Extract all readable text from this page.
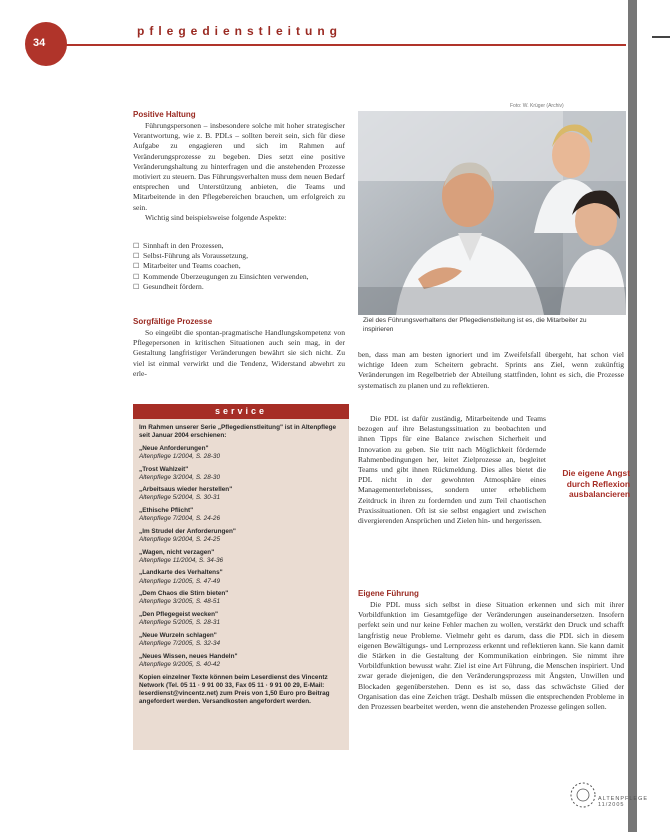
34
pflegedienstleitung
Positive Haltung

Führungspersonen – insbesondere solche mit hoher strategischer Verantwortung, wie z. B. PDLs – sollten bereit sein, sich für diese Aufgabe zu engagieren und sich im Rahmen auf Veränderungsprozesse zu begeben. Dies setzt eine positive Veränderungshaltung zu hinterfragen und die anstehenden Prozesse motiviert zu steuern. Das Führungsverhalten muss dem neuen Bedarf entsprechen und Unterstützung anbieten, die Teams und Mitarbeitende in den Pflegebereichen brauchen, um erfolgreich zu sein.

Wichtig sind beispielsweise folgende Aspekte:

☐ Sinnhaft in den Prozessen,
☐ Selbst-Führung als Voraussetzung,
☐ Mitarbeiter und Teams coachen,
☐ Kommende Überzeugungen zu Einsichten verwenden,
☐ Gesundheit fördern.
Sorgfältige Prozesse

So eingeübt die spontan-pragmatische Handlungskompetenz von Pflegepersonen in kritischen Situationen auch sein mag, in der Gestaltung langfristiger Veränderungen bewährt sie sich nicht. Zu viel ist einmal verwirkt und die Tendenz, Widerstand abwehrt zu erle-

Foto: W. Krüger (Archiv)
Ziel des Führungsverhaltens der Pflegedienstleitung ist es, die Mitarbeiter zu inspirieren

ben, dass man am besten ignoriert und im Zweifelsfall übergeht, hat schon viel wichtige Ideen zum Scheitern gebracht. Sprints ans Ziel, wenn zukünftig Veränderungen im Regelbetrieb der Abteilung stattfinden, lohnt es sich, die Prozesse systematisch zu planen und zu reflektieren.

Die PDL ist dafür zuständig, Mitarbeitende und Teams bezogen auf ihre Belastungssituation zu beobachten und ihnen Tipps für eine Balance zwischen Sicherheit und Innovation zu geben. Sie tritt nach Möglichkeit fördernde Rahmenbedingungen her, leitet Zielprozesse an, begleitet Teams und gibt ihnen Rückmeldung. Dies alles bietet die PDL nicht in der gewohnten Atmosphäre eines Managementerlebnisses, sondern unter erheblichem Zeitdruck in ihren zu fordernden und zum Teil chaotischen Praxissituationen. Oft ist sie selbst engagiert und zwischen divergierenden Ansprüchen und Zielen hin- und hergerissen.

Die eigene Angst durch Reflexion ausbalancieren
Eigene Führung

Die PDL muss sich selbst in diese Situation erkennen und sich mit ihrer Vorbildfunktion im Gesamtgefüge der Veränderungen auseinandersetzen. Insofern perfekt sein und nur keine Fehler machen zu wollen, verstärkt den Druck und schafft langfristig neue Probleme. Vielmehr geht es darum, dass die PDL sich in diesem eigenen Bewältigungs- und Lernprozess erkennt und reflektieren kann. Sie kann damit die Stärken in die Gestaltung der Kommunikation einbringen. Sie nimmt ihre Vorbildfunktion bewusst wahr. Ziel ist eine Art Führung, die Menschen inspiriert. Und zwar gerade diejenigen, die den Veränderungsprozess mit Ängsten, Unwillen und Blockaden gegenüberstehen. Denn es ist so, dass das schwächste Glied der Organisation das eine Zeichen trägt. Deshalb müssen die entsprechenden Probleme in den Prozessen bearbeitet werden, wenn die anstehenden Prozesse gelingen sollen.

service
Im Rahmen unserer Serie „Pflegedienstleitung" ist in Altenpflege seit Januar 2004 erschienen:
„Neue Anforderungen"
Altenpflege 1/2004, S. 28-30
„Trost Wahlzeit"
Altenpflege 3/2004, S. 28-30
„Arbeitsaus wieder herstellen"
Altenpflege 5/2004, S. 30-31
„Ethische Pflicht"
Altenpflege 7/2004, S. 24-26
„Im Strudel der Anforderungen"
Altenpflege 9/2004, S. 24-25
„Wagen, nicht verzagen"
Altenpflege 11/2004, S. 34-36
„Landkarte des Verhaltens"
Altenpflege 1/2005, S. 47-49
„Dem Chaos die Stirn bieten"
Altenpflege 3/2005, S. 48-51
„Den Pflegegeist wecken"
Altenpflege 5/2005, S. 28-31
„Neue Wurzeln schlagen"
Altenpflege 7/2005, S. 32-34
„Neues Wissen, neues Handeln"
Altenpflege 9/2005, S. 40-42
Kopien einzelner Texte können beim Leserdienst des Vincentz Network (Tel. 05 11 · 9 91 00 33, Fax 05 11 · 9 91 00 29, E-Mail: leserdienst@vincentz.net) zum Preis von 1,50 Euro pro Beitrag angefordert werden. Versandkosten angefordert werden.
ALTENPFLEGE 11/2005
